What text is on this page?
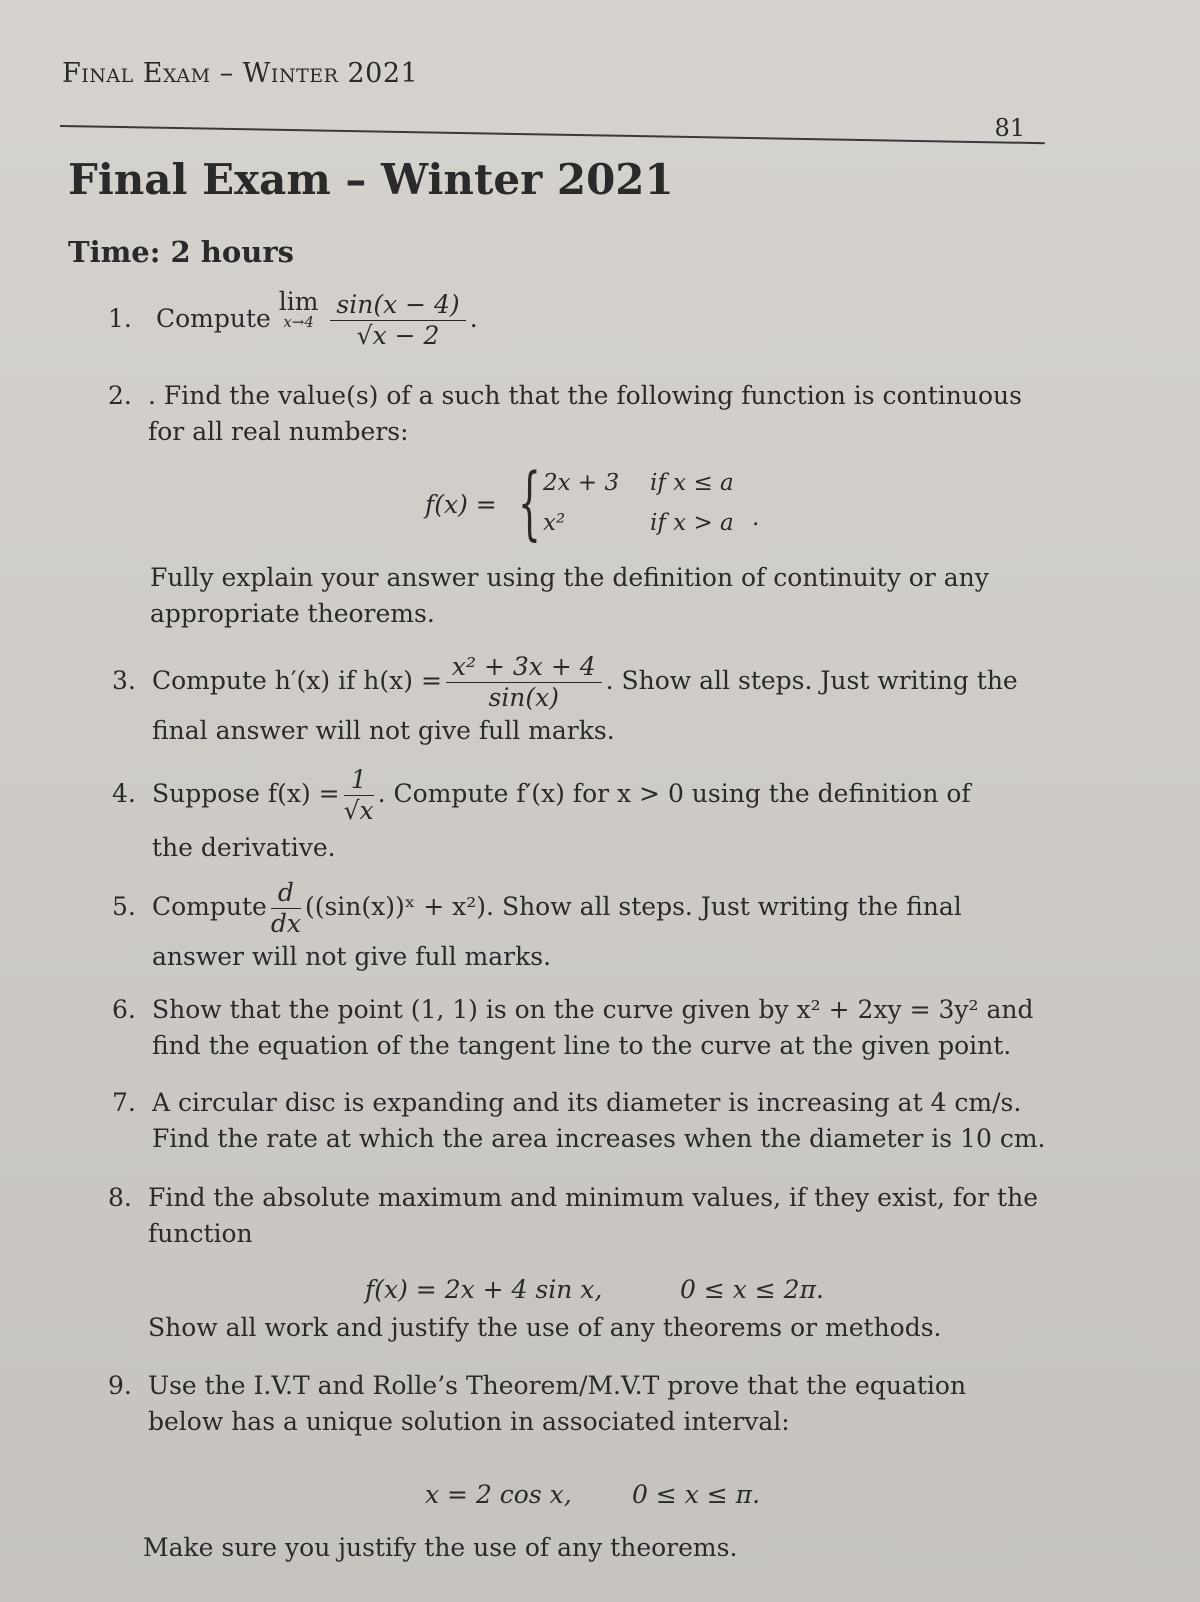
Final Exam – Winter 2021
81
Final Exam – Winter 2021
Time: 2 hours
1. Compute lim
x→4
$\frac{\sin(x - 4)}{√x - 2}$ .
2. . Find the value(s) of a such that the following function is continuous
for all real numbers:
f(x) = { 2x + 3 if x ≤ a
x²	if x > a .
Fully explain your answer using the definition of continuity or any
appropriate theorems.
3. Compute h′(x) if $h(x) = \frac{\text{x² + 3x + 4}}{\sin(x)}$ . Show all steps. Just writing the
final answer will not give full marks.
4. Suppose $f(x) = \frac{1}{√x}$ . Compute f′(x) for x > 0 using the definition of
the derivative.
5. Compute $\frac{d}{dx}$ ((sin(x))ˣ + x²). Show all steps. Just writing the final
answer will not give full marks.
6. Show that the point (1, 1) is on the curve given by x² + 2xy = 3y² and
find the equation of the tangent line to the curve at the given point.
7. A circular disc is expanding and its diameter is increasing at 4 cm/s.
Find the rate at which the area increases when the diameter is 10 cm.
8. Find the absolute maximum and minimum values, if they exist, for the
function
f(x) = 2x + 4 sin x,	0 ≤ x ≤ 2π.
Show all work and justify the use of any theorems or methods.
9. Use the I.V.T and Rolle’s Theorem/M.V.T prove that the equation
below has a unique solution in associated interval:
x = 2 cos x, 0 ≤ x ≤ π.
Make sure you justify the use of any theorems.
